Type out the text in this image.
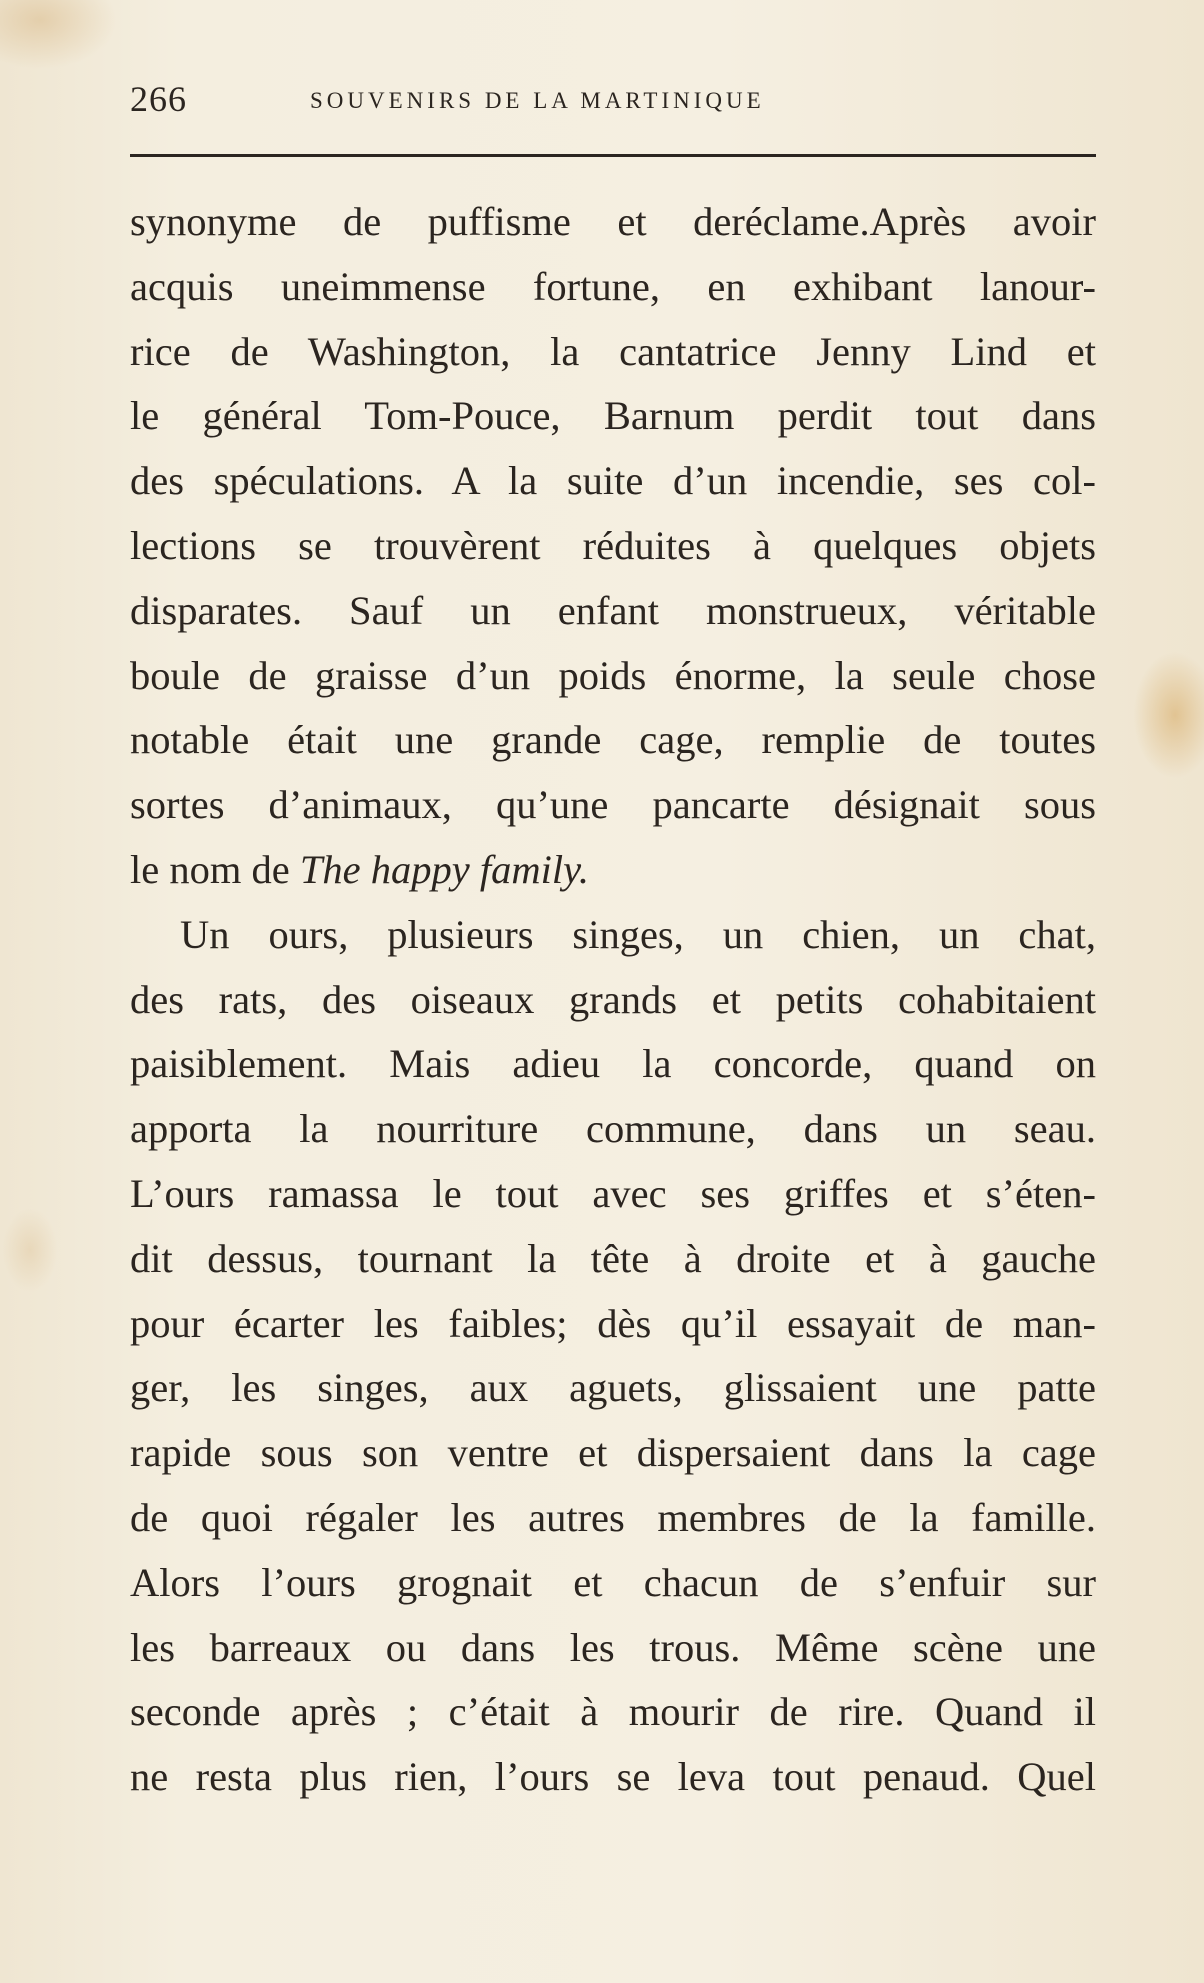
266	SOUVENIRS DE LA MARTINIQUE
synonyme de puffisme et deréclame.Après avoir
acquis uneimmense fortune, en exhibant lanour-
rice de Washington, la cantatrice Jenny Lind et
le général Tom-Pouce, Barnum perdit tout dans
des spéculations. A la suite d’un incendie, ses col-
lections se trouvèrent réduites à quelques objets
disparates. Sauf un enfant monstrueux, véritable
boule de graisse d’un poids énorme, la seule chose
notable était une grande cage, remplie de toutes
sortes d’animaux, qu’une pancarte désignait sous
le nom de The happy family.
Un ours, plusieurs singes, un chien, un chat,
des rats, des oiseaux grands et petits cohabitaient
paisiblement. Mais adieu la concorde, quand on
apporta la nourriture commune, dans un seau.
L’ours ramassa le tout avec ses griffes et s’éten-
dit dessus, tournant la tête à droite et à gauche
pour écarter les faibles; dès qu’il essayait de man-
ger, les singes, aux aguets, glissaient une patte
rapide sous son ventre et dispersaient dans la cage
de quoi régaler les autres membres de la famille.
Alors l’ours grognait et chacun de s’enfuir sur
les barreaux ou dans les trous. Même scène une
seconde après ; c’était à mourir de rire. Quand il
ne resta plus rien, l’ours se leva tout penaud. Quel
